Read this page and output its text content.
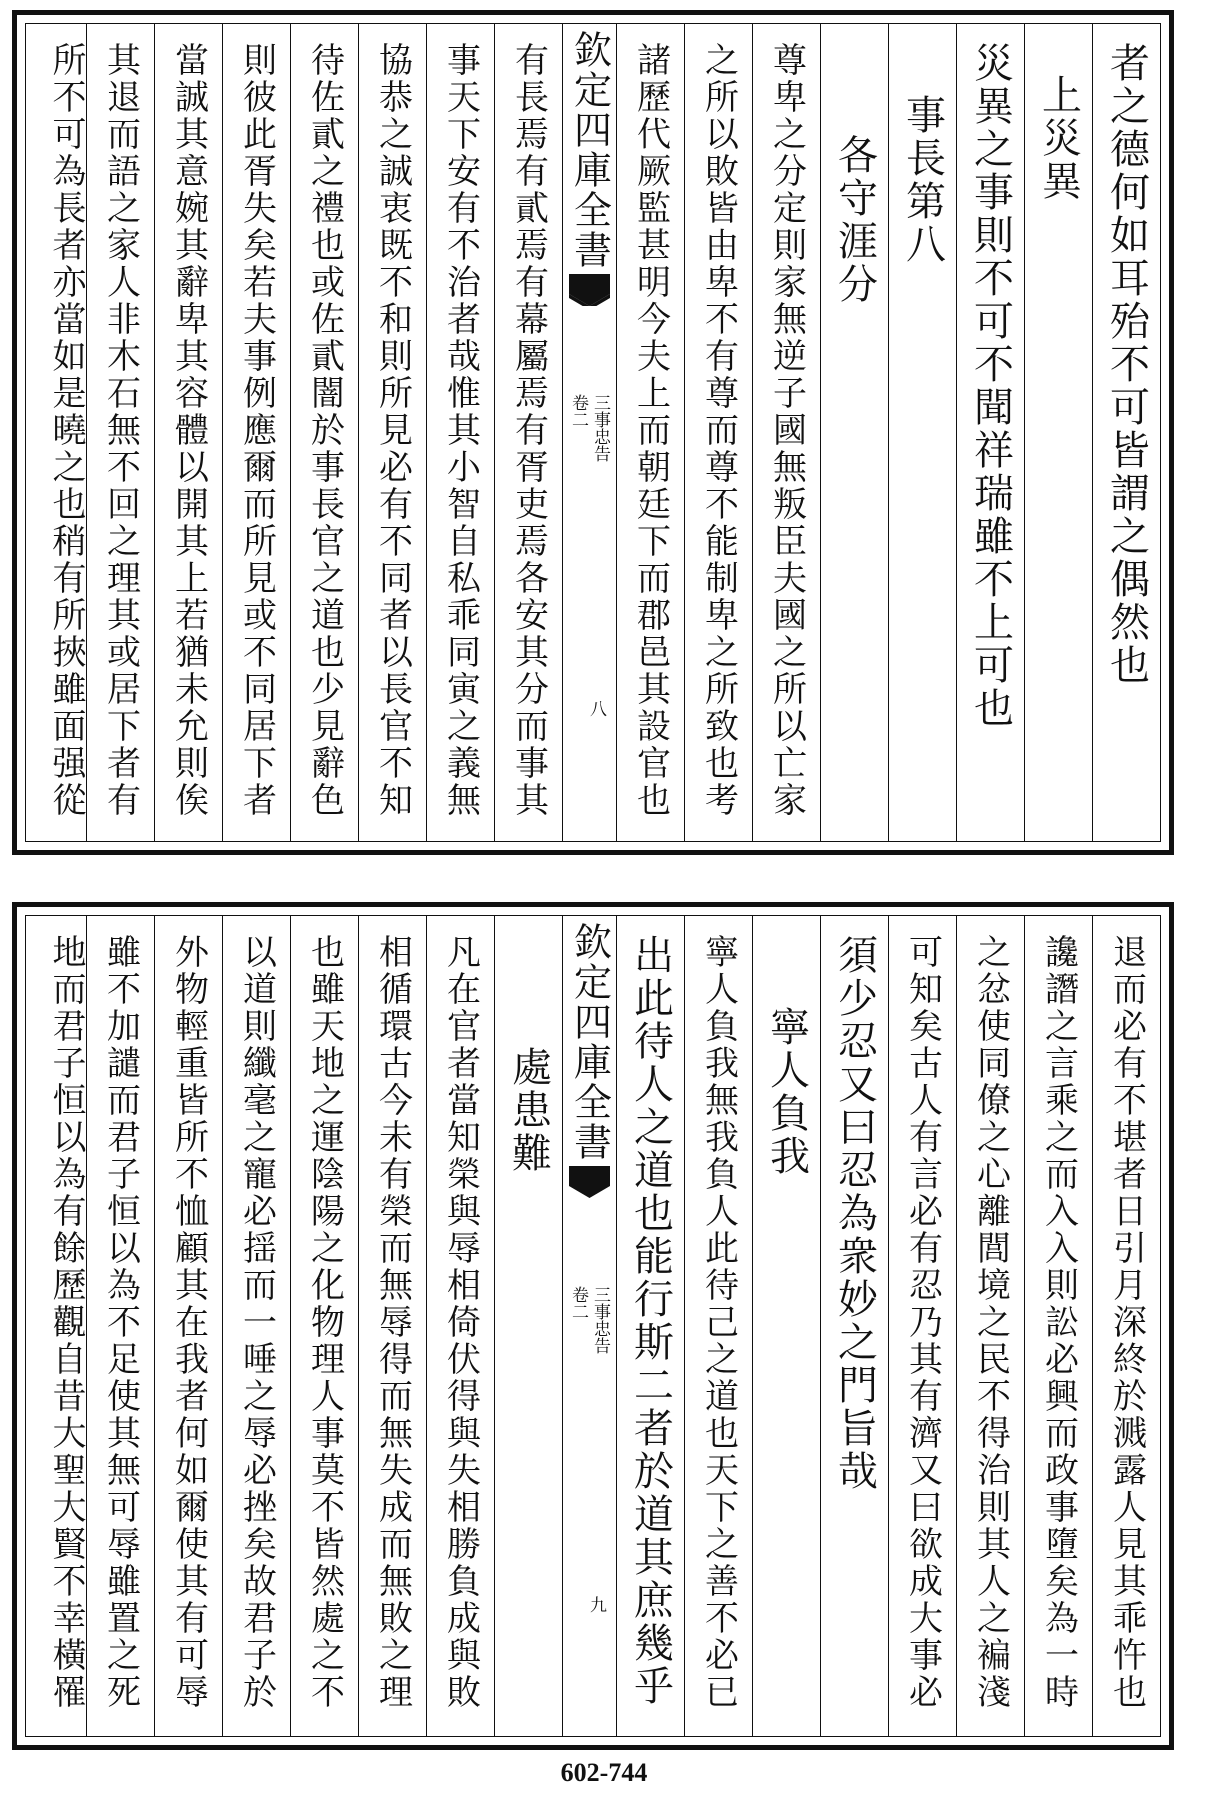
者之德何如耳殆不可皆謂之偶然也
上災異
災異之事則不可不聞祥瑞雖不上可也
事長第八
各守涯分
尊卑之分定則家無逆子國無叛臣夫國之所以亡家
之所以敗皆由卑不有尊而尊不能制卑之所致也考
諸歷代厥監甚明今夫上而朝廷下而郡邑其設官也
欽定四庫全書
三事忠告
卷二
八
有長焉有貳焉有幕屬焉有胥吏焉各安其分而事其
事天下安有不治者哉惟其小智自私乖同寅之義無
協恭之誠衷既不和則所見必有不同者以長官不知
待佐貳之禮也或佐貳闇於事長官之道也少見辭色
則彼此胥失矣若夫事例應爾而所見或不同居下者
當誠其意婉其辭卑其容體以開其上若猶未允則俟
其退而語之家人非木石無不回之理其或居下者有
所不可為長者亦當如是曉之也稍有所挾雖面强從
退而必有不堪者日引月深終於溅露人見其乖忤也
讒譖之言乘之而入入則訟必興而政事墮矣為一時
之忿使同僚之心離閭境之民不得治則其人之褊淺
可知矣古人有言必有忍乃其有濟又曰欲成大事必
須少忍又曰忍為衆妙之門旨哉
寧人負我
寧人負我無我負人此待己之道也天下之善不必已
出此待人之道也能行斯二者於道其庶幾乎
欽定四庫全書
三事忠告
卷二
九
處患難
凡在官者當知榮與辱相倚伏得與失相勝負成與敗
相循環古今未有榮而無辱得而無失成而無敗之理
也雖天地之運陰陽之化物理人事莫不皆然處之不
以道則纖毫之寵必揺而一唾之辱必挫矣故君子於
外物輕重皆所不恤顧其在我者何如爾使其有可辱
雖不加譴而君子恒以為不足使其無可辱雖置之死
地而君子恒以為有餘歷觀自昔大聖大賢不幸橫罹
602-744
